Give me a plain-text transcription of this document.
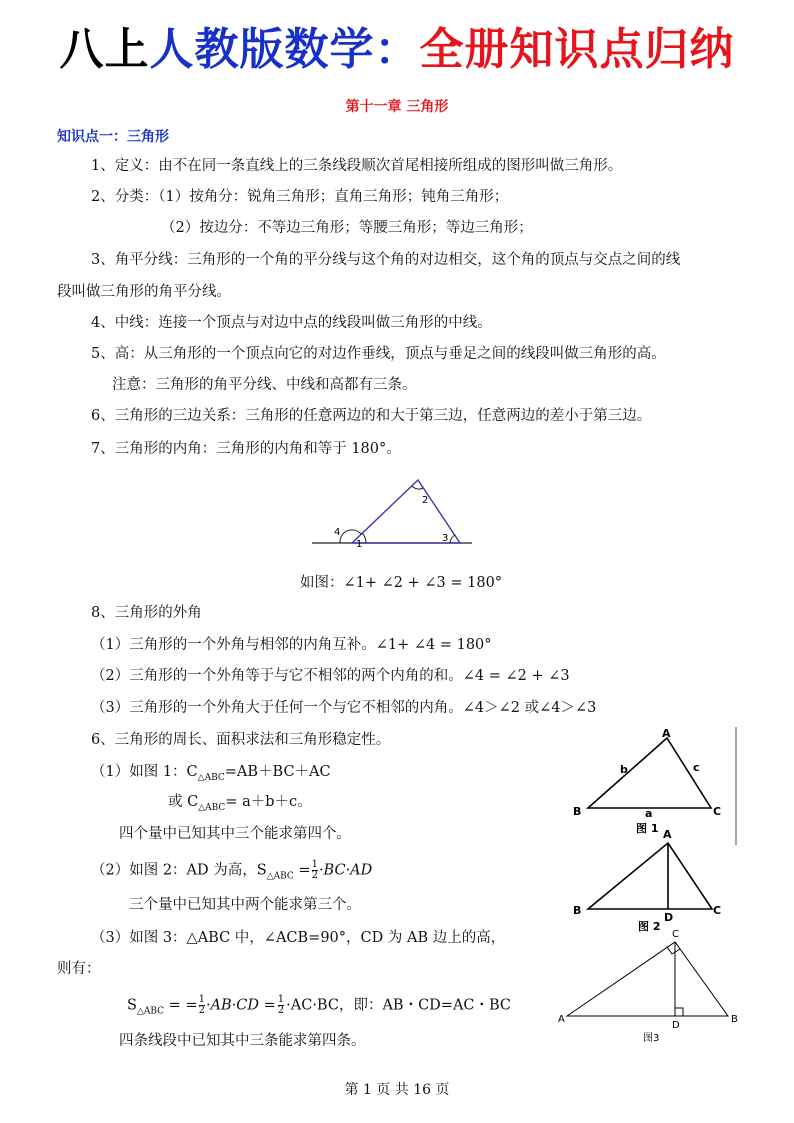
八上人教版数学：全册知识点归纳
第十一章 三角形
知识点一：三角形
1、定义：由不在同一条直线上的三条线段顺次首尾相接所组成的图形叫做三角形。
2、分类：（1）按角分：锐角三角形；直角三角形；钝角三角形；
（2）按边分：不等边三角形；等腰三角形；等边三角形；
3、角平分线：三角形的一个角的平分线与这个角的对边相交，这个角的顶点与交点之间的线
段叫做三角形的角平分线。
4、中线：连接一个顶点与对边中点的线段叫做三角形的中线。
5、高：从三角形的一个顶点向它的对边作垂线，顶点与垂足之间的线段叫做三角形的高。
注意：三角形的角平分线、中线和高都有三条。
6、三角形的三边关系：三角形的任意两边的和大于第三边，任意两边的差小于第三边。
7、三角形的内角：三角形的内角和等于 180°。
4
1
2
3
如图：∠1+ ∠2 + ∠3 = 180°
8、三角形的外角
（1）三角形的一个外角与相邻的内角互补。∠1+ ∠4 = 180°
（2）三角形的一个外角等于与它不相邻的两个内角的和。∠4 = ∠2 + ∠3
（3）三角形的一个外角大于任何一个与它不相邻的内角。∠4＞∠2 或∠4＞∠3
6、三角形的周长、面积求法和三角形稳定性。
（1）如图 1：$C_{\triangle ABC}=AB+BC+AC$
或 $C_{\triangle ABC}= a+b+c$。
四个量中已知其中三个能求第四个。
（2）如图 2：AD 为高，$S_{\triangle ABC} = \frac{1}{2} \cdot BC\cdot AD$
三个量中已知其中两个能求第三个。
（3）如图 3：△ABC 中，∠ACB=90°，CD 为 AB 边上的高，
则有：
$S_{\triangle ABC}$ = = $\frac{1}{2} \cdot AB\cdot CD = \frac{1}{2} \cdot AC\cdot BC$，即：AB・CD=AC・BC
四条线段中已知其中三条能求第四条。
A
B	C
b	c
a
图 1 A
B	C
D
图 2
C
A	B
D
图3
第 1 页 共 16 页
